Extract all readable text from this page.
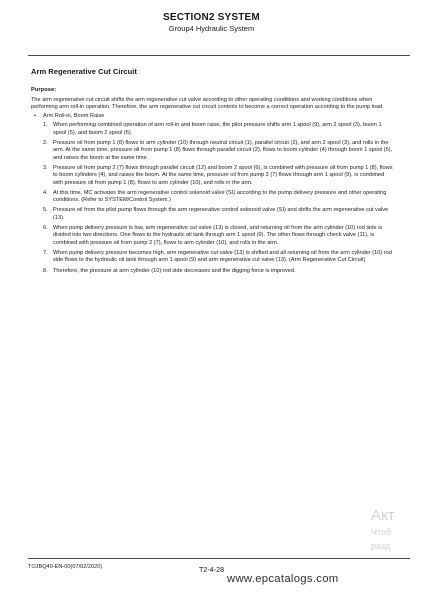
SECTION2 SYSTEM
Group4 Hydraulic System
Arm Regenerative Cut Circuit
Purpose:
The arm regenerative cut circuit shifts the arm regenerative cut valve according to other operating conditions and working conditions when performing arm roll-in operation. Therefore, the arm regenerative cut circuit controls to become a correct operation according to the pump load.
•	Arm Roll-in, Boom Raise
1. When performing combined operation of arm roll-in and boom raise, the pilot pressure shifts arm 1 spool (9), arm 2 spool (3), boom 1 spool (5), and boom 2 spool (6).
2. Pressure oil from pump 1 (8) flows to arm cylinder (10) through neutral circuit (1), parallel circuit (2), and arm 2 spool (3), and rolls in the arm. At the same time, pressure oil from pump 1 (8) flows through parallel circuit (2), flows to boom cylinder (4) through boom 1 spool (5), and raises the boom at the same time.
3. Pressure oil from pump 2 (7) flows through parallel circuit (12) and boom 2 spool (6), is combined with pressure oil from pump 1 (8), flows to boom cylinders (4), and raises the boom. At the same time, pressure oil from pump 2 (7) flows through arm 1 spool (9), is combined with pressure oil from pump 1 (8), flows to arm cylinder (10), and rolls in the arm.
4. At this time, MC activates the arm regenerative control solenoid valve (SI) according to the pump delivery pressure and other operating conditions. (Refer to SYSTEM/Control System.)
5. Pressure oil from the pilot pump flows through the arm regenerative control solenoid valve (SI) and shifts the arm regenerative cut valve (13).
6. When pump delivery pressure is low, arm regenerative cut valve (13) is closed, and returning oil from the arm cylinder (10) rod side is divided into two directions. One flows to the hydraulic oil tank through arm 1 spool (9). The other flows through check valve (11), is combined with pressure oil from pump 2 (7), flows to arm cylinder (10), and rolls in the arm.
7. When pump delivery pressure becomes high, arm regenerative cut valve (13) is shifted and all returning oil from the arm cylinder (10) rod side flows to the hydraulic oil tank through arm 1 spool (9) and arm regenerative cut valve (13). (Arm Regenerative Cut Circuit)
8. Therefore, the pressure at arm cylinder (10) rod side decreases and the digging force is improved.
Акт
Чтоб
разд
TOJBQ40-EN-00(07/02/2020)	T2-4-28
www.epcatalogs.com
